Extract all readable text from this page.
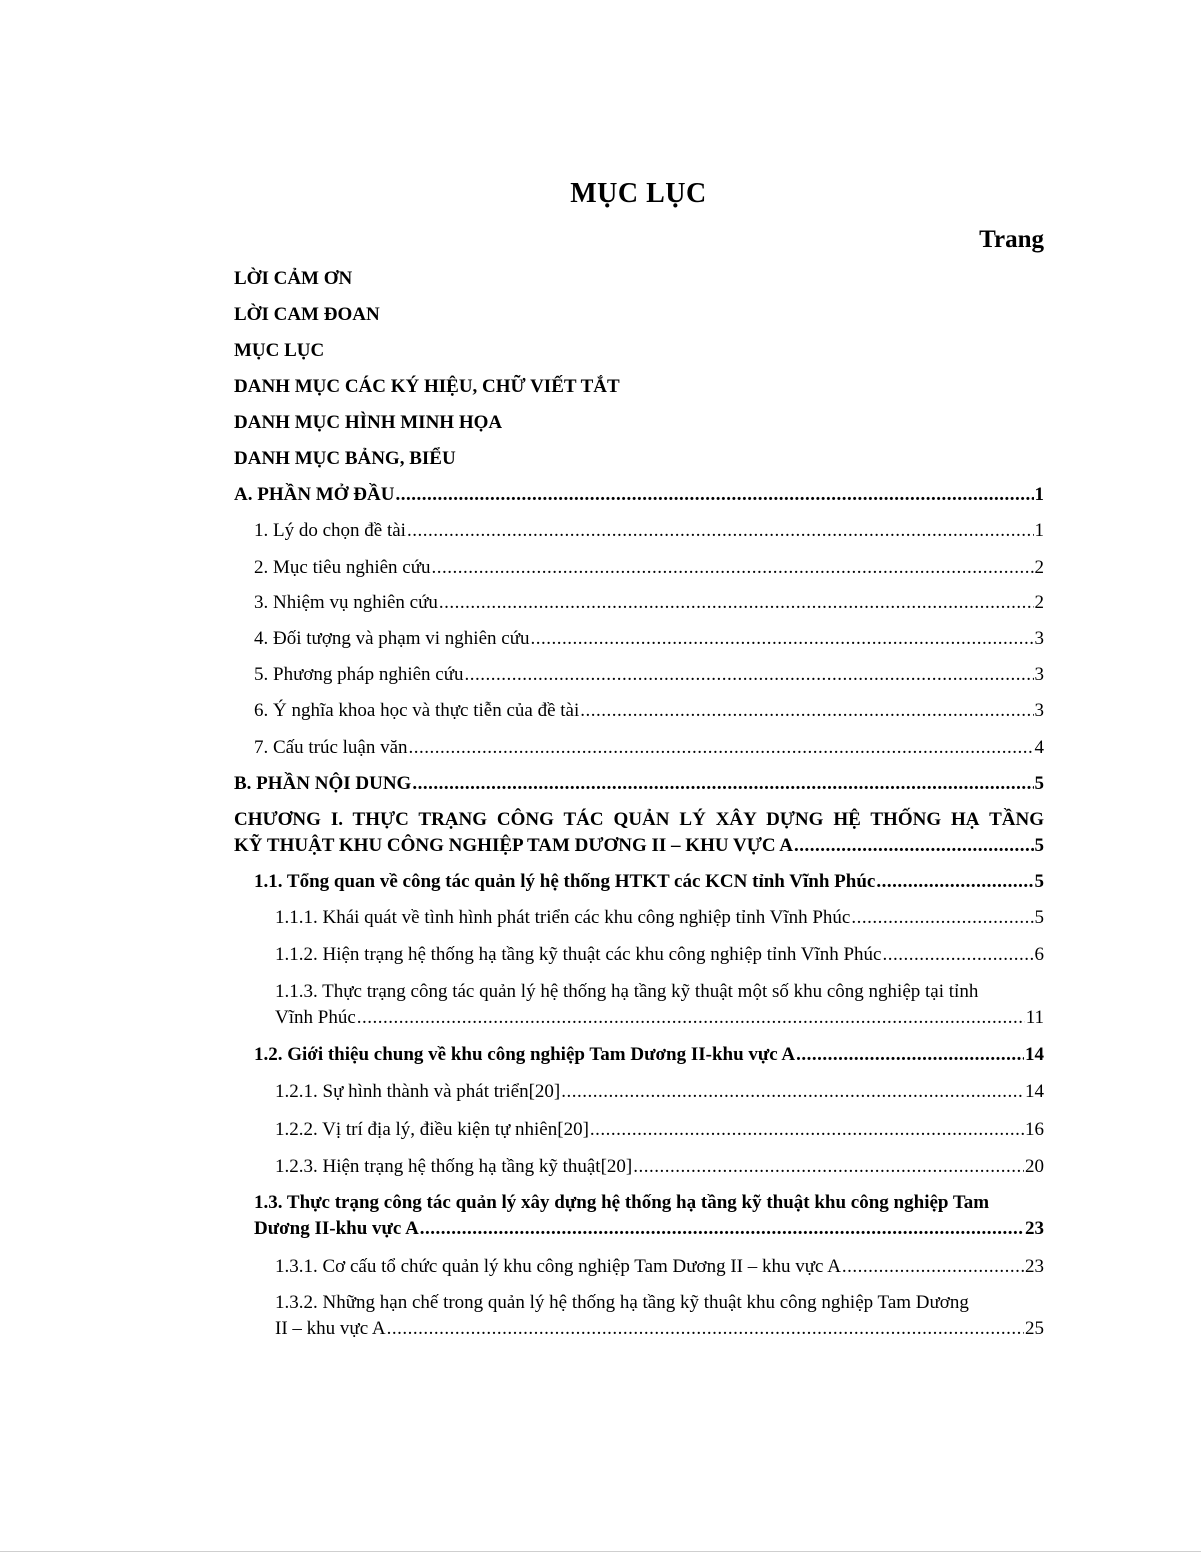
MỤC LỤC
Trang
LỜI CẢM ƠN
LỜI CAM ĐOAN
MỤC LỤC
DANH MỤC CÁC KÝ HIỆU, CHỮ VIẾT TẮT
DANH MỤC HÌNH MINH HỌA
DANH MỤC BẢNG, BIỂU
A. PHẦN MỞ ĐẦU .....	1
1. Lý do chọn đề tài .....	1
2. Mục tiêu nghiên cứu .....	2
3. Nhiệm vụ nghiên cứu .....	2
4. Đối tượng và phạm vi nghiên cứu .....	3
5. Phương pháp nghiên cứu .....	3
6. Ý nghĩa khoa học và thực tiễn của đề tài .....	3
7. Cấu trúc luận văn .....	4
B. PHẦN NỘI DUNG .....	5
CHƯƠNG I. THỰC TRẠNG CÔNG TÁC QUẢN LÝ XÂY DỰNG HỆ THỐNG HẠ TẦNG
KỸ THUẬT KHU CÔNG NGHIỆP TAM DƯƠNG II – KHU VỰC A .....	5
1.1. Tổng quan về công tác quản lý hệ thống HTKT các KCN tỉnh Vĩnh Phúc .....	5
1.1.1. Khái quát về tình hình phát triển các khu công nghiệp tỉnh Vĩnh Phúc .....	5
1.1.2. Hiện trạng hệ thống hạ tầng kỹ thuật các khu công nghiệp tỉnh Vĩnh Phúc .....	6
1.1.3. Thực trạng công tác quản lý hệ thống hạ tầng kỹ thuật một số khu công nghiệp tại tỉnh
Vĩnh Phúc .....	11
1.2. Giới thiệu chung về khu công nghiệp Tam Dương II-khu vực A .....	14
1.2.1. Sự hình thành và phát triển[20] .....	14
1.2.2. Vị trí địa lý, điều kiện tự nhiên[20] .....	16
1.2.3. Hiện trạng hệ thống hạ tầng kỹ thuật[20] .....	20
1.3. Thực trạng công tác quản lý xây dựng hệ thống hạ tầng kỹ thuật khu công nghiệp Tam
Dương II-khu vực A .....	23
1.3.1. Cơ cấu tổ chức quản lý khu công nghiệp Tam Dương II – khu vực A .....	23
1.3.2. Những hạn chế trong quản lý hệ thống hạ tầng kỹ thuật khu công nghiệp Tam Dương
II – khu vực A .....	25
